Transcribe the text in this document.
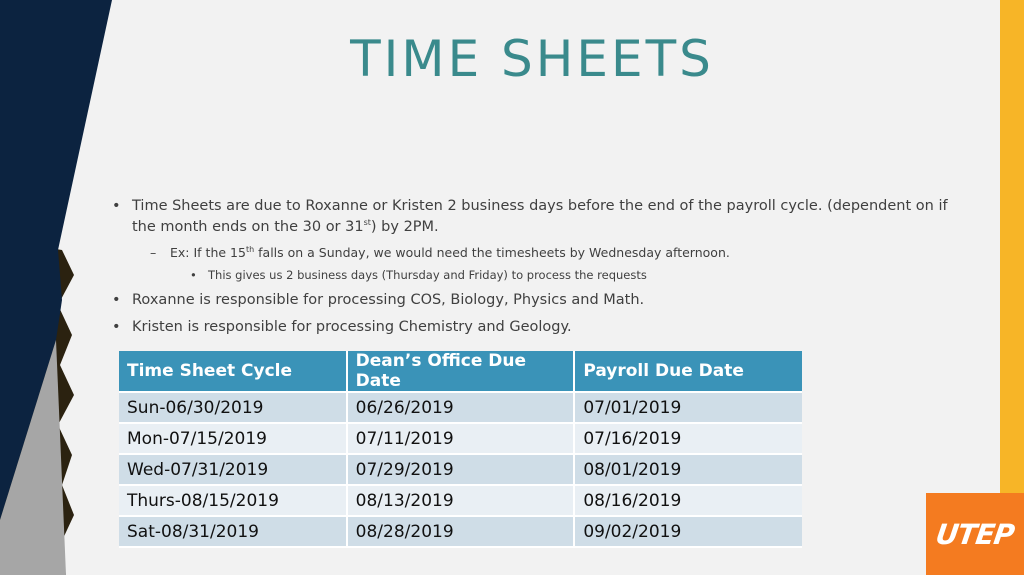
UTEP
TIME SHEETS
• Time Sheets are due to Roxanne or Kristen 2 business days before the end of the payroll cycle. (dependent on if the month ends on the 30 or 31st) by 2PM.
– Ex: If the 15th falls on a Sunday, we would need the timesheets by Wednesday afternoon.
• This gives us 2 business days (Thursday and Friday) to process the requests
• Roxanne is responsible for processing COS, Biology, Physics and Math.
• Kristen is responsible for processing Chemistry and Geology.
Time Sheet Cycle	Dean’s Office Due Date	Payroll Due Date
Sun-06/30/2019	06/26/2019	07/01/2019
Mon-07/15/2019	07/11/2019	07/16/2019
Wed-07/31/2019	07/29/2019	08/01/2019
Thurs-08/15/2019	08/13/2019	08/16/2019
Sat-08/31/2019	08/28/2019	09/02/2019
